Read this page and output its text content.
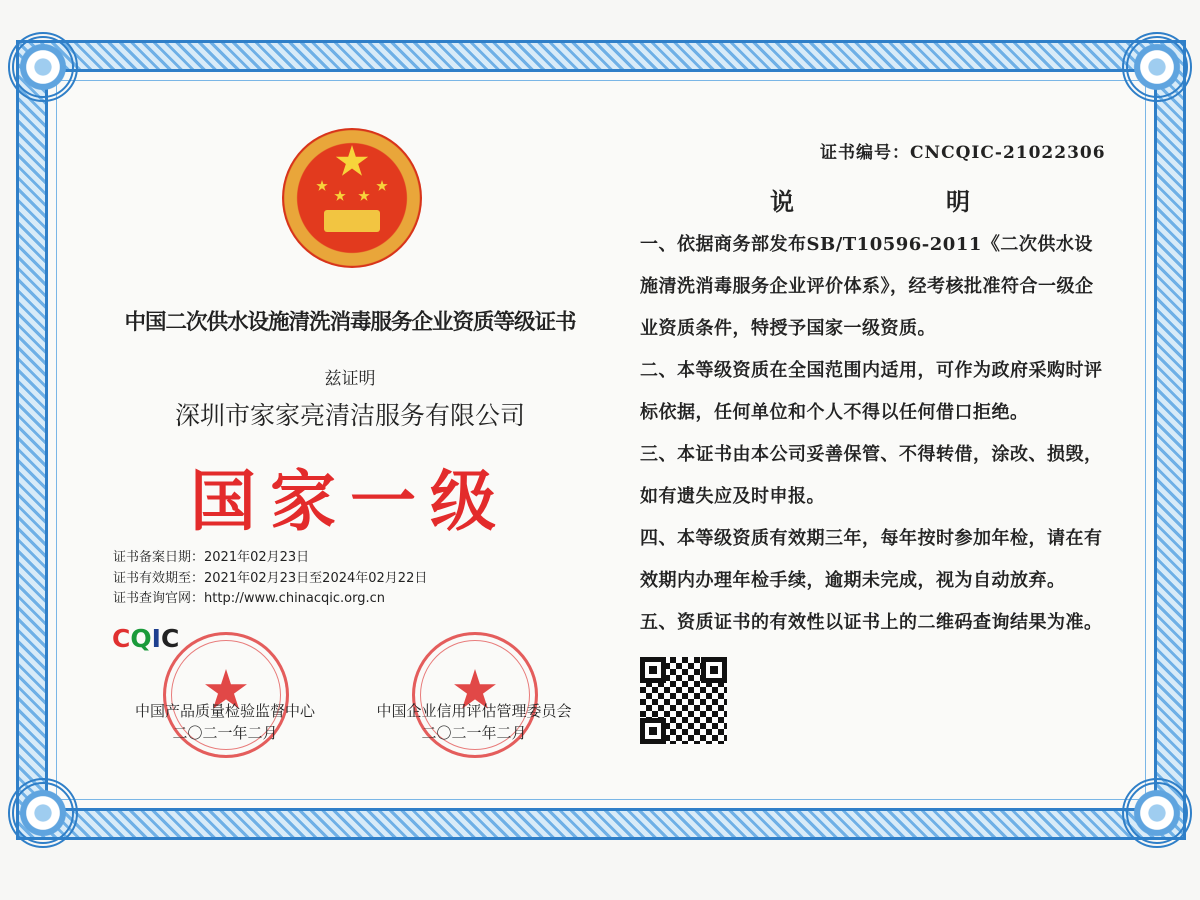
中国二次供水设施清洗消毒服务企业资质等级证书
兹证明
深圳市家家亮清洁服务有限公司
国家一级
证书备案日期：2021年02月23日
证书有效期至：2021年02月23日至2024年02月22日
证书查询官网：http://www.chinacqic.org.cn
CQIC
中国产品质量检验监督中心
二〇二一年二月
中国企业信用评估管理委员会
二〇二一年二月
证书编号：CNCQIC-21022306
说	明

一、依据商务部发布SB/T10596-2011《二次供水设施清洗消毒服务企业评价体系》，经考核批准符合一级企业资质条件，特授予国家一级资质。

二、本等级资质在全国范围内适用，可作为政府采购时评标依据，任何单位和个人不得以任何借口拒绝。

三、本证书由本公司妥善保管、不得转借，涂改、损毁，如有遗失应及时申报。

四、本等级资质有效期三年，每年按时参加年检，请在有效期内办理年检手续，逾期未完成，视为自动放弃。

五、资质证书的有效性以证书上的二维码查询结果为准。
